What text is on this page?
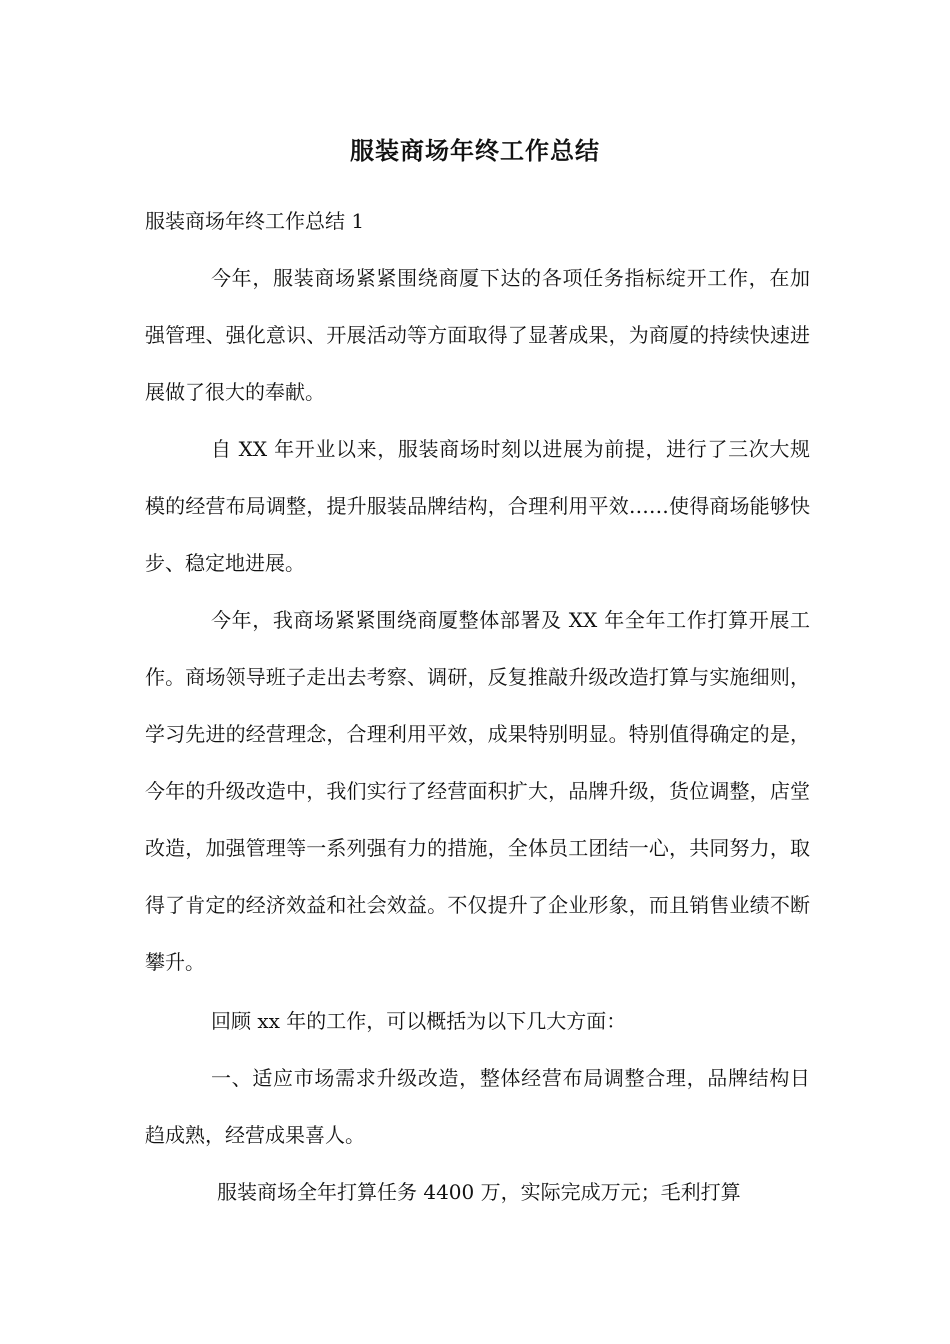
服装商场年终工作总结

服装商场年终工作总结 1

今年，服装商场紧紧围绕商厦下达的各项任务指标绽开工作，在加强管理、强化意识、开展活动等方面取得了显著成果，为商厦的持续快速进展做了很大的奉献。

自 XX 年开业以来，服装商场时刻以进展为前提，进行了三次大规模的经营布局调整，提升服装品牌结构，合理利用平效……使得商场能够快步、稳定地进展。

今年，我商场紧紧围绕商厦整体部署及 XX 年全年工作打算开展工作。商场领导班子走出去考察、调研，反复推敲升级改造打算与实施细则，学习先进的经营理念，合理利用平效，成果特别明显。特别值得确定的是，今年的升级改造中，我们实行了经营面积扩大，品牌升级，货位调整，店堂改造，加强管理等一系列强有力的措施，全体员工团结一心，共同努力，取得了肯定的经济效益和社会效益。不仅提升了企业形象，而且销售业绩不断攀升。

回顾 xx 年的工作，可以概括为以下几大方面：

一、适应市场需求升级改造，整体经营布局调整合理，品牌结构日趋成熟，经营成果喜人。

服装商场全年打算任务 4400 万，实际完成万元；毛利打算
